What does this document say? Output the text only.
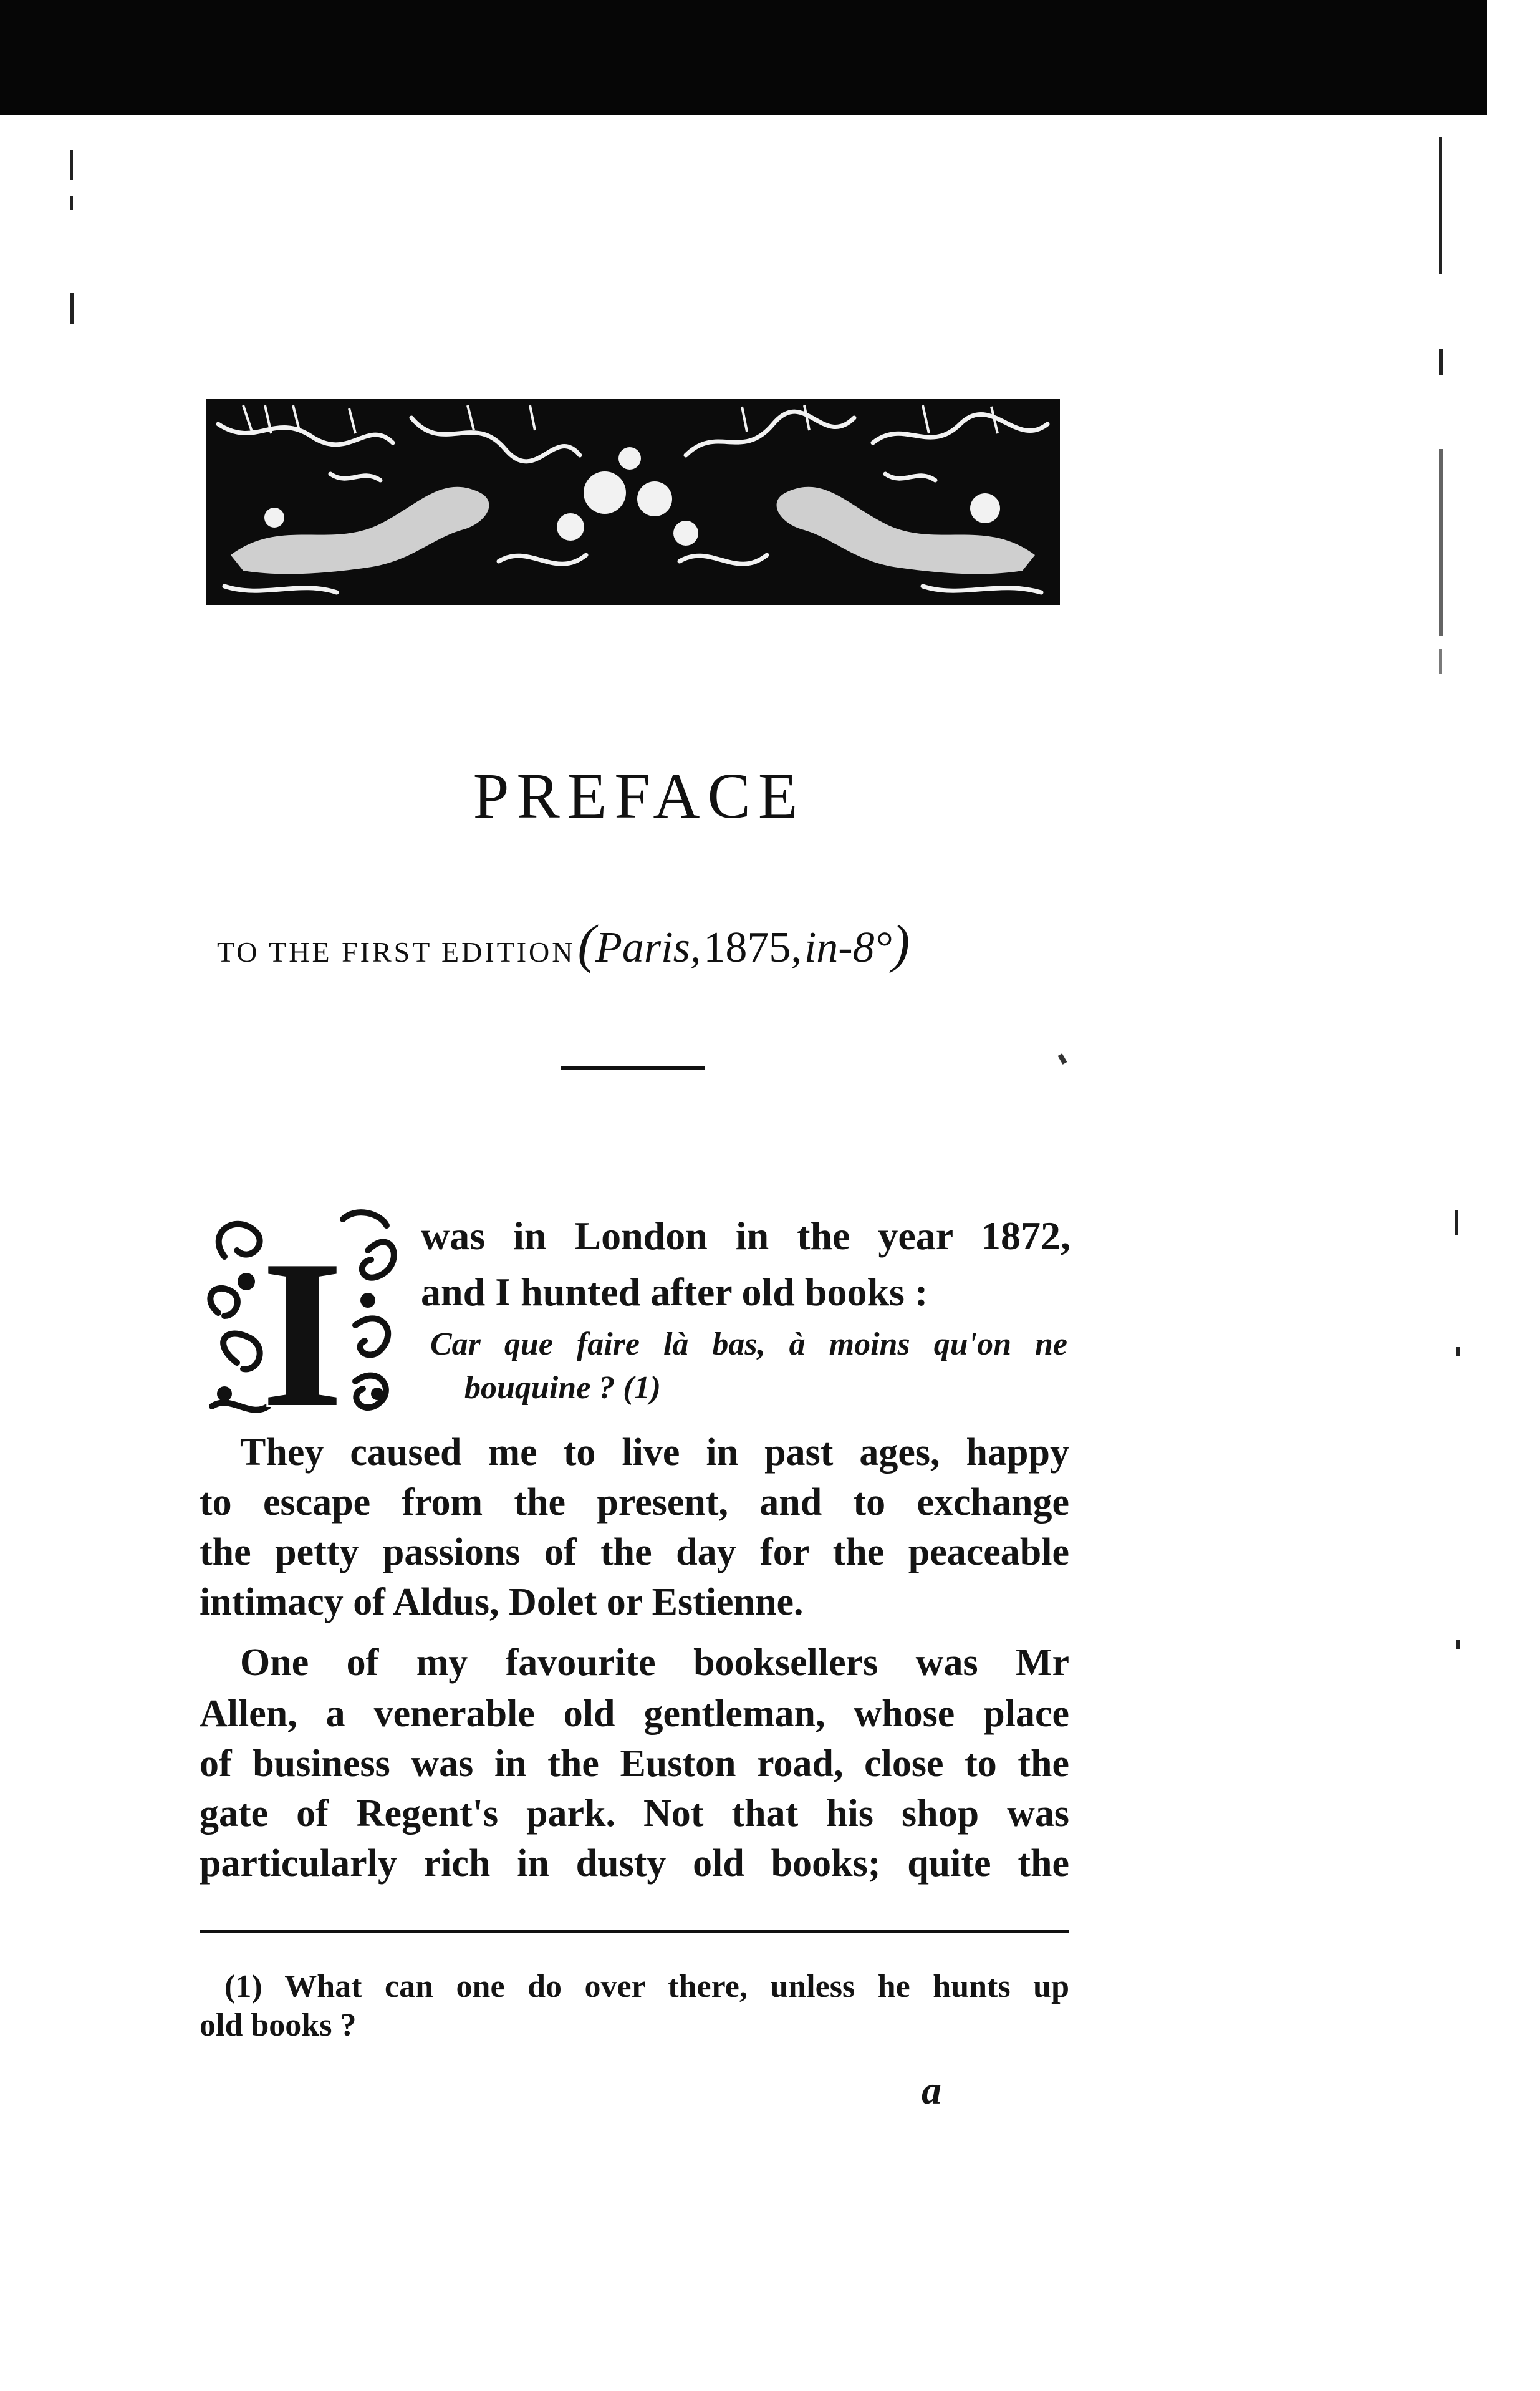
PREFACE
TO THE FIRST EDITION (Paris, 1875, in-8°)
I was in London in the year 1872,
and I hunted after old books :
Car que faire là bas, à moins qu'on ne
bouquine ? (1)
They caused me to live in past ages, happy
to escape from the present, and to exchange
the petty passions of the day for the peaceable
intimacy of Aldus, Dolet or Estienne.
One of my favourite booksellers was Mr
Allen, a venerable old gentleman, whose place
of business was in the Euston road, close to the
gate of Regent's park. Not that his shop was
particularly rich in dusty old books; quite the
(1) What can one do over there, unless he hunts up
old books ?
a
